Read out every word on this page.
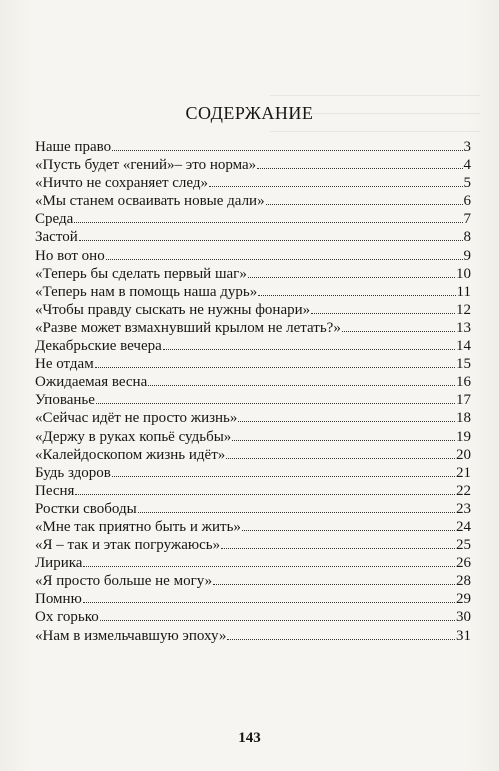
СОДЕРЖАНИЕ
Наше право	3
«Пусть будет «гений»– это норма»	4
«Ничто не сохраняет след»	5
«Мы станем осваивать новые дали»	6
Среда	7
Застой	8
Но вот оно	9
«Теперь бы сделать первый шаг»	10
«Теперь нам в помощь наша дурь»	11
«Чтобы правду сыскать не нужны фонари»	12
«Разве может взмахнувший крылом не летать?»	13
Декабрьские вечера	14
Не отдам	15
Ожидаемая весна	16
Упованье	17
«Сейчас идёт не просто жизнь»	18
«Держу в руках копьё судьбы»	19
«Калейдоскопом жизнь идёт»	20
Будь здоров	21
Песня	22
Ростки свободы	23
«Мне так приятно быть и жить»	24
«Я – так и этак погружаюсь»	25
Лирика	26
«Я просто больше не могу»	28
Помню	29
Ох горько	30
«Нам в измельчавшую эпоху»	31
143
